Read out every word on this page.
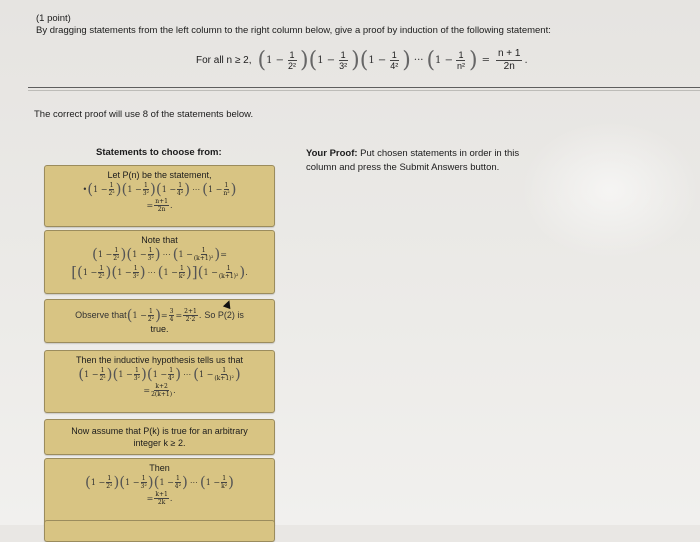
(1 point)
By dragging statements from the left column to the right column below, give a proof by induction of the following statement:
For all n ≥ 2, ( $1 - \frac{1}{\text{2²}}$ ) ( $1 - \frac{1}{\text{3²}}$ ) ( $1 - \frac{1}{\text{4²}}$ ) ··· ( $1 - \frac{1}{\text{n²}}$ ) = $\frac{n + 1}{2n}$ .
The correct proof will use 8 of the statements below.
Statements to choose from:	Your Proof: Put chosen statements in order in this column and press the Submit Answers button.
Let P(n) be the statement,
• ( $1 - \frac{1}{\text{2²}}$ ) ( $1 - \frac{1}{\text{3²}}$ ) ( $1 - \frac{1}{\text{4²}}$ ) ··· ( $1 - \frac{1}{\text{n²}}$ )
= $\frac{n+1}{2n}$ .
Note that
( $1 - \frac{1}{\text{2²}}$ ) ( $1 - \frac{1}{\text{3²}}$ ) ··· ( $1 - \frac{1}{\text{(k+1)²}}$ ) =
[ ( $1 - \frac{1}{\text{2²}}$ ) ( $1 - \frac{1}{\text{3²}}$ ) ··· ( $1 - \frac{1}{\text{k²}}$ ) ] ( $1 - \frac{1}{\text{(k+1)²}}$ ) .
Observe that ( $1 - \frac{1}{\text{2²}}$ ) = $\frac{3}{4} = \frac{2+1}{2\cdot 2}$ . So P(2) is
true.
Then the inductive hypothesis tells us that
( $1 - \frac{1}{\text{2²}}$ ) ( $1 - \frac{1}{\text{3²}}$ ) ( $1 - \frac{1}{\text{4²}}$ ) ··· ( $1 - \frac{1}{\text{(k+1)²}}$ )
= $\frac{k+2}{2(k+1)}$ .
Now assume that P(k) is true for an arbitrary integer k ≥ 2.
Then
( $1 - \frac{1}{\text{2²}}$ ) ( $1 - \frac{1}{\text{3²}}$ ) ( $1 - \frac{1}{\text{4²}}$ ) ··· ( $1 - \frac{1}{\text{k²}}$ )
= $\frac{k+1}{2k}$ .
